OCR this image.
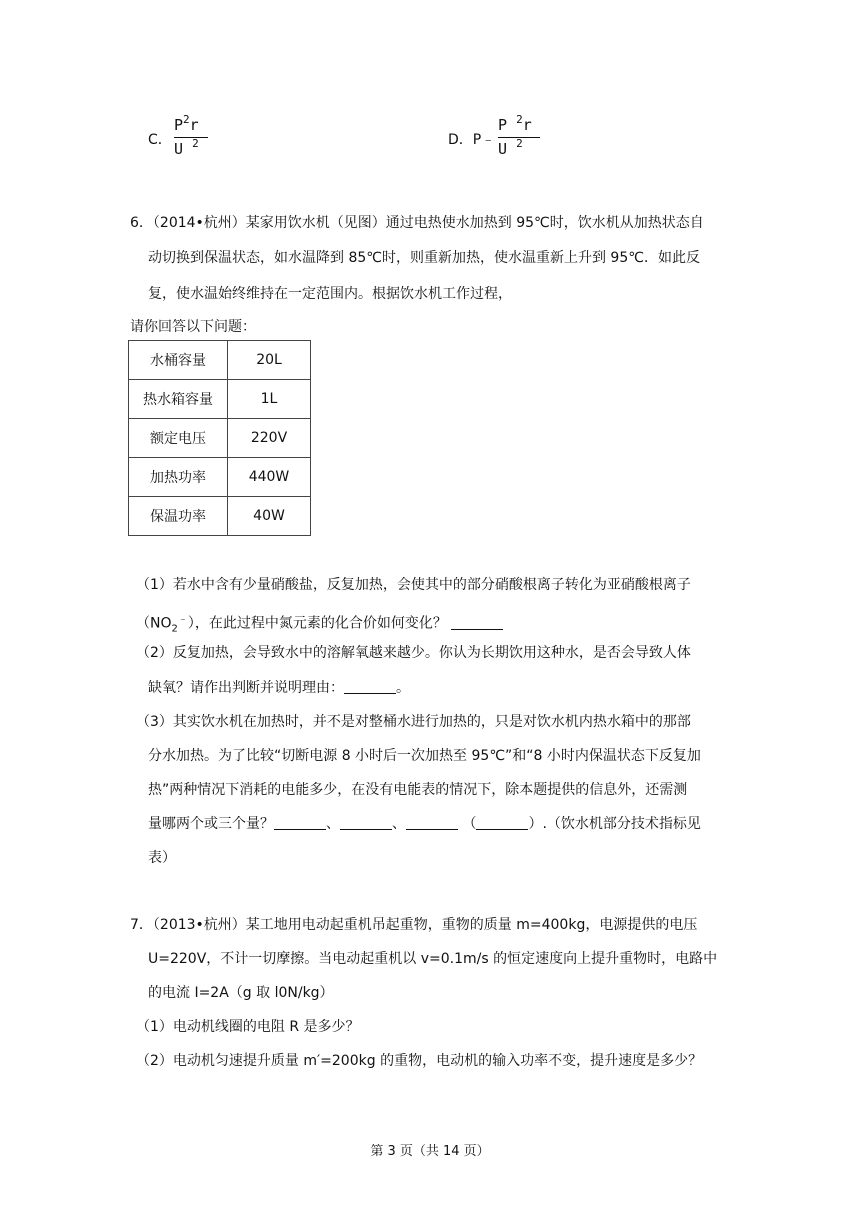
C．
$P^2r$
U $^2$	D．P﹣
P $^2$r
U $^2$
6．（2014•杭州）某家用饮水机（见图）通过电热使水加热到 95℃时，饮水机从加热状态自
动切换到保温状态，如水温降到 85℃时，则重新加热，使水温重新上升到 95℃．如此反
复，使水温始终维持在一定范围内。根据饮水机工作过程，
请你回答以下问题：
水桶容量	20L
热水箱容量	1L
额定电压	220V
加热功率	440W
保温功率	40W
（1）若水中含有少量硝酸盐，反复加热，会使其中的部分硝酸根离子转化为亚硝酸根离子
$(NO_2^﹣)$，在此过程中氮元素的化合价如何变化？
（2）反复加热，会导致水中的溶解氧越来越少。你认为长期饮用这种水，是否会导致人体
缺氧？请作出判断并说明理由：	。
（3）其实饮水机在加热时，并不是对整桶水进行加热的，只是对饮水机内热水箱中的那部
分水加热。为了比较“切断电源 8 小时后一次加热至 95℃”和“8 小时内保温状态下反复加
热”两种情况下消耗的电能多少，在没有电能表的情况下，除本题提供的信息外，还需测
量哪两个或三个量？	、	、	（	）.（饮水机部分技术指标见
表）
7．（2013•杭州）某工地用电动起重机吊起重物，重物的质量 m=400kg，电源提供的电压
U=220V，不计一切摩擦。当电动起重机以 v=0.1m/s 的恒定速度向上提升重物时，电路中
的电流 I=2A（g 取 l0N/kg）
（1）电动机线圈的电阻 R 是多少？
（2）电动机匀速提升质量 m′=200kg 的重物，电动机的输入功率不变，提升速度是多少？
第 3 页（共 14 页）
